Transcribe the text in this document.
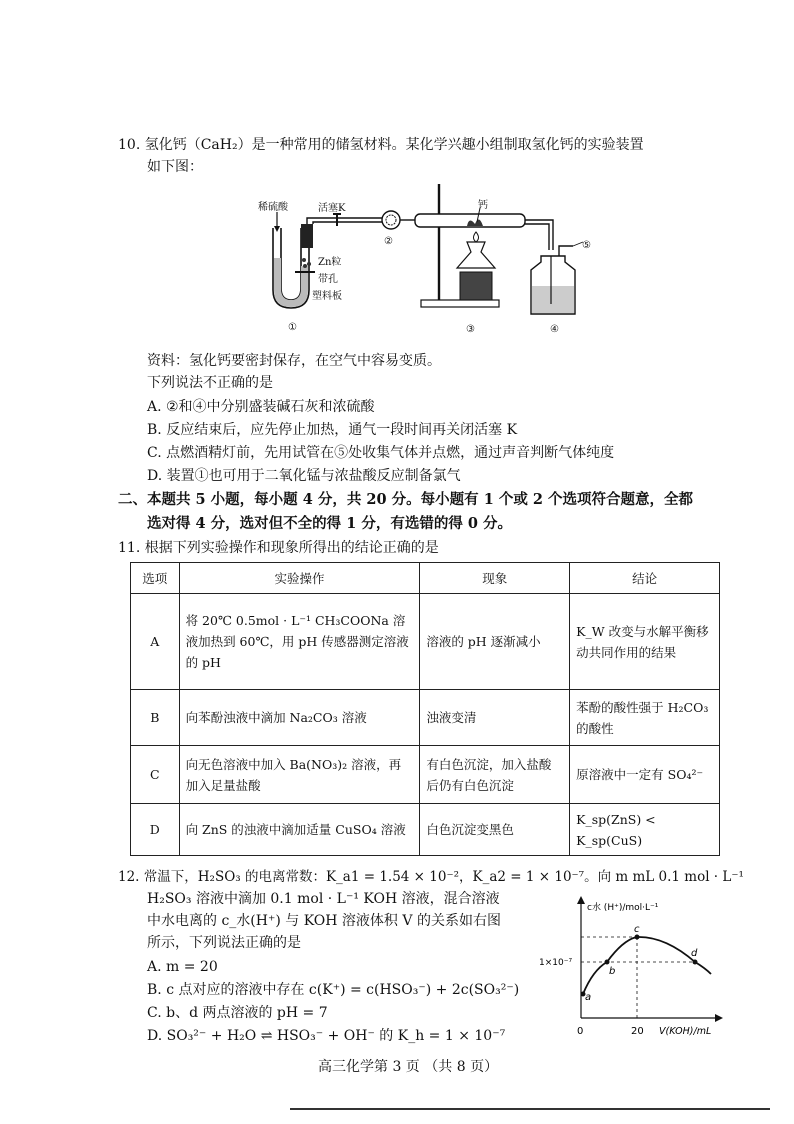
10. 氢化钙（CaH₂）是一种常用的储氢材料。某化学兴趣小组制取氢化钙的实验装置
如下图：
稀硫酸	活塞K	钙
Zn粒
带孔
塑料板
①
②
③	④
⑤
资料：氢化钙要密封保存，在空气中容易变质。
下列说法不正确的是
A. ②和④中分别盛装碱石灰和浓硫酸
B. 反应结束后，应先停止加热，通气一段时间再关闭活塞 K
C. 点燃酒精灯前，先用试管在⑤处收集气体并点燃，通过声音判断气体纯度
D. 装置①也可用于二氧化锰与浓盐酸反应制备氯气
二、本题共 5 小题，每小题 4 分，共 20 分。每小题有 1 个或 2 个选项符合题意，全都
选对得 4 分，选对但不全的得 1 分，有选错的得 0 分。
11. 根据下列实验操作和现象所得出的结论正确的是
选项	实验操作	现象	结论
A	将 20℃ 0.5mol · L⁻¹ CH₃COONa 溶液加热到 60℃，用 pH 传感器测定溶液的 pH	溶液的 pH 逐渐减小	K_W 改变与水解平衡移动共同作用的结果
B	向苯酚浊液中滴加 Na₂CO₃ 溶液	浊液变清	苯酚的酸性强于 H₂CO₃ 的酸性
C	向无色溶液中加入 Ba(NO₃)₂ 溶液，再加入足量盐酸	有白色沉淀，加入盐酸后仍有白色沉淀	原溶液中一定有 SO₄²⁻
D	向 ZnS 的浊液中滴加适量 CuSO₄ 溶液	白色沉淀变黑色	K_sp(ZnS) < K_sp(CuS)
12. 常温下，H₂SO₃ 的电离常数：K_a1 = 1.54 × 10⁻²，K_a2 = 1 × 10⁻⁷。向 m mL 0.1 mol · L⁻¹
H₂SO₃ 溶液中滴加 0.1 mol · L⁻¹ KOH 溶液，混合溶液
中水电离的 c_水(H⁺) 与 KOH 溶液体积 V 的关系如右图
所示，下列说法正确的是
A. m = 20
B. c 点对应的溶液中存在 c(K⁺) = c(HSO₃⁻) + 2c(SO₃²⁻)
C. b、d 两点溶液的 pH = 7
D. SO₃²⁻ + H₂O ⇌ HSO₃⁻ + OH⁻ 的 K_h = 1 × 10⁻⁷
c水 (H⁺)/mol·L⁻¹
1×10⁻⁷
0	20 V(KOH)/mL
a
b
c
d
高三化学第 3 页 （共 8 页）
